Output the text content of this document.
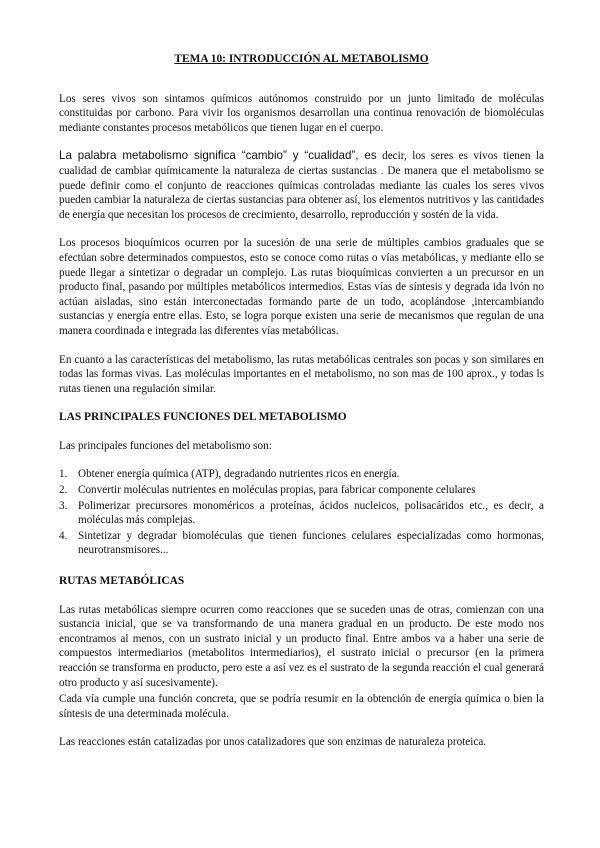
TEMA 10: INTRODUCCIÓN AL METABOLISMO

Los seres vivos son sintamos químicos autónomos construido por un junto limitado de moléculas constituidas por carbono. Para vivir los organismos desarrollan una continua renovación de biomoléculas mediante constantes procesos metabólicos que tienen lugar en el cuerpo.

La palabra metabolismo significa “cambio” y “cualidad”, es decir, los seres es vivos tienen la cualidad de cambiar químicamente la naturaleza de ciertas sustancias . De manera que el metabolismo se puede definir como el conjunto de reacciones químicas controladas mediante las cuales los seres vivos pueden cambiar la naturaleza de ciertas sustancias para obtener así, los elementos nutritivos y las cantidades de energía que necesitan los procesos de crecimiento, desarrollo, reproducción y sostén de la vida.

Los procesos bioquímicos ocurren por la sucesión de una serie de múltiples cambios graduales que se efectúan sobre determinados compuestos, esto se conoce como rutas o vías metabólicas, y mediante ello se puede llegar a sintetizar o degradar un complejo. Las rutas bioquímicas convierten a un precursor en un producto final, pasando por múltiples metabólicos intermedios. Estas vías de síntesis y degrada ida lvón no actúan aisladas, sino están interconectadas formando parte de un todo, acoplándose ,intercambiando sustancias y energía entre ellas. Esto, se logra porque existen una serie de mecanismos que regulan de una manera coordinada e integrada las diferentes vías metabólicas.

En cuanto a las características del metabolismo, las rutas metabólicas centrales son pocas y son similares en todas las formas vivas. Las moléculas importantes en el metabolismo, no son mas de 100 aprox., y todas ls rutas tienen una regulación similar.

LAS PRINCIPALES FUNCIONES DEL METABOLISMO

Las principales funciones del metabolismo son:

1. Obtener energía química (ATP), degradando nutrientes ricos en energía.
2. Convertir moléculas nutrientes en moléculas propias, para fabricar componente celulares
3. Polimerizar precursores monoméricos a proteínas, ácidos nucleicos, polisacáridos etc., es decir, a moléculas más complejas.
4. Sintetizar y degradar biomoléculas que tienen funciones celulares especializadas como hormonas, neurotransmisores...
RUTAS METABÓLICAS

Las rutas metabólicas siempre ocurren como reacciones que se suceden unas de otras, comienzan con una sustancia inicial, que se va transformando de una manera gradual en un producto. De este modo nos encontramos al menos, con un sustrato inicial y un producto final. Entre ambos va a haber una serie de compuestos intermediarios (metabolitos intermediarios), el sustrato inicial o precursor (en la primera reacción se transforma en producto, pero este a así vez es el sustrato de la segunda reacción el cual generará otro producto y así sucesivamente).

Cada vía cumple una función concreta, que se podría resumir en la obtención de energía química o bien la síntesis de una determinada molécula.

Las reacciones están catalizadas por unos catalizadores que son enzimas de naturaleza proteica.
